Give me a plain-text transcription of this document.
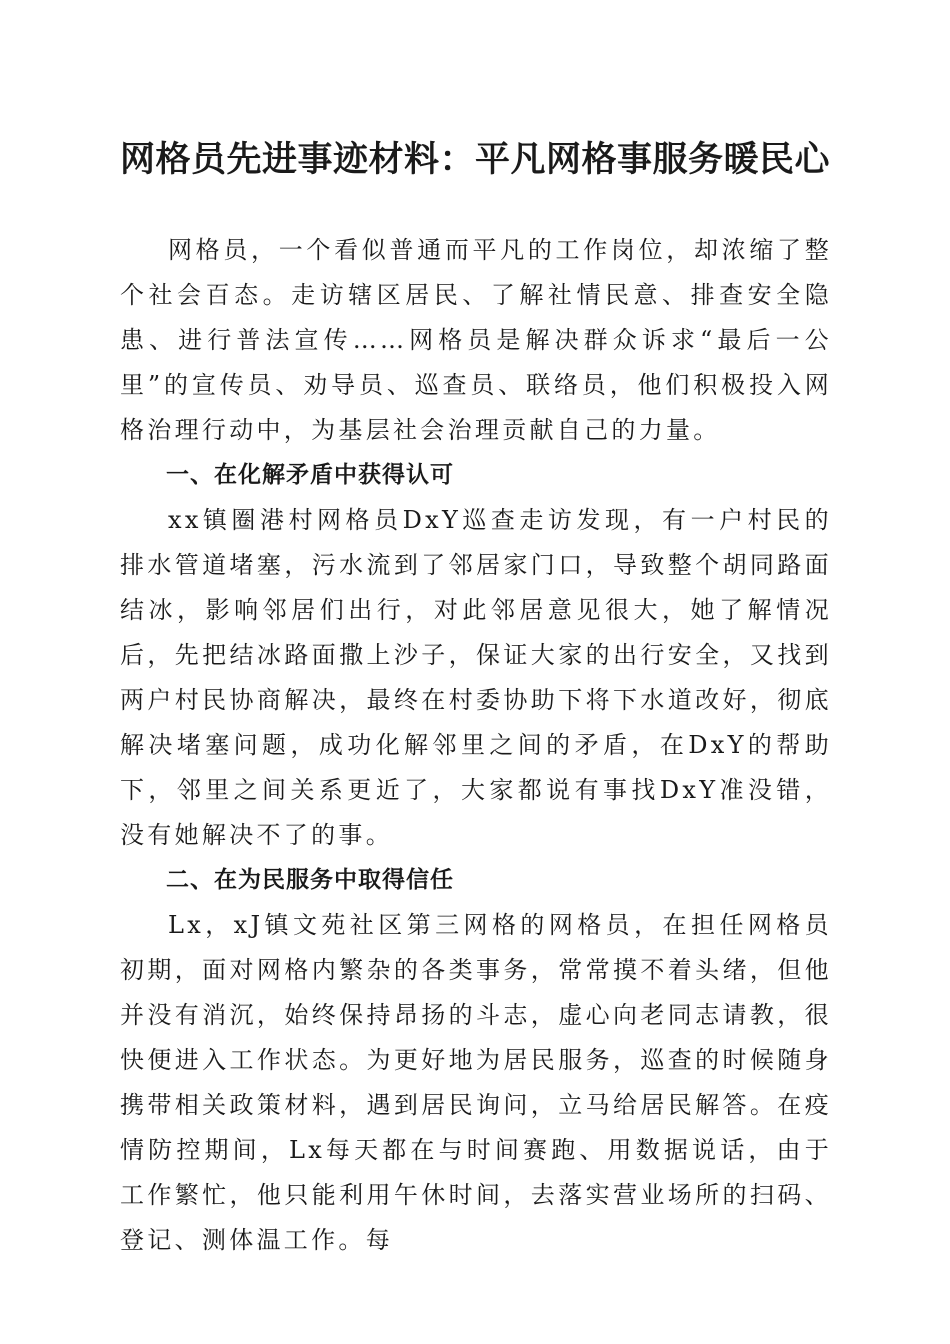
网格员先进事迹材料：平凡网格事服务暖民心

网格员，一个看似普通而平凡的工作岗位，却浓缩了整个社会百态。走访辖区居民、了解社情民意、排查安全隐患、进行普法宣传……网格员是解决群众诉求“最后一公里”的宣传员、劝导员、巡查员、联络员，他们积极投入网格治理行动中，为基层社会治理贡献自己的力量。

一、在化解矛盾中获得认可

xx镇圈港村网格员DxY巡查走访发现，有一户村民的排水管道堵塞，污水流到了邻居家门口，导致整个胡同路面结冰，影响邻居们出行，对此邻居意见很大，她了解情况后，先把结冰路面撒上沙子，保证大家的出行安全，又找到两户村民协商解决，最终在村委协助下将下水道改好，彻底解决堵塞问题，成功化解邻里之间的矛盾，在DxY的帮助下，邻里之间关系更近了，大家都说有事找DxY准没错，没有她解决不了的事。

二、在为民服务中取得信任

Lx，xJ镇文苑社区第三网格的网格员，在担任网格员初期，面对网格内繁杂的各类事务，常常摸不着头绪，但他并没有消沉，始终保持昂扬的斗志，虚心向老同志请教，很快便进入工作状态。为更好地为居民服务，巡查的时候随身携带相关政策材料，遇到居民询问，立马给居民解答。在疫情防控期间，Lx每天都在与时间赛跑、用数据说话，由于工作繁忙，他只能利用午休时间，去落实营业场所的扫码、登记、测体温工作。每
